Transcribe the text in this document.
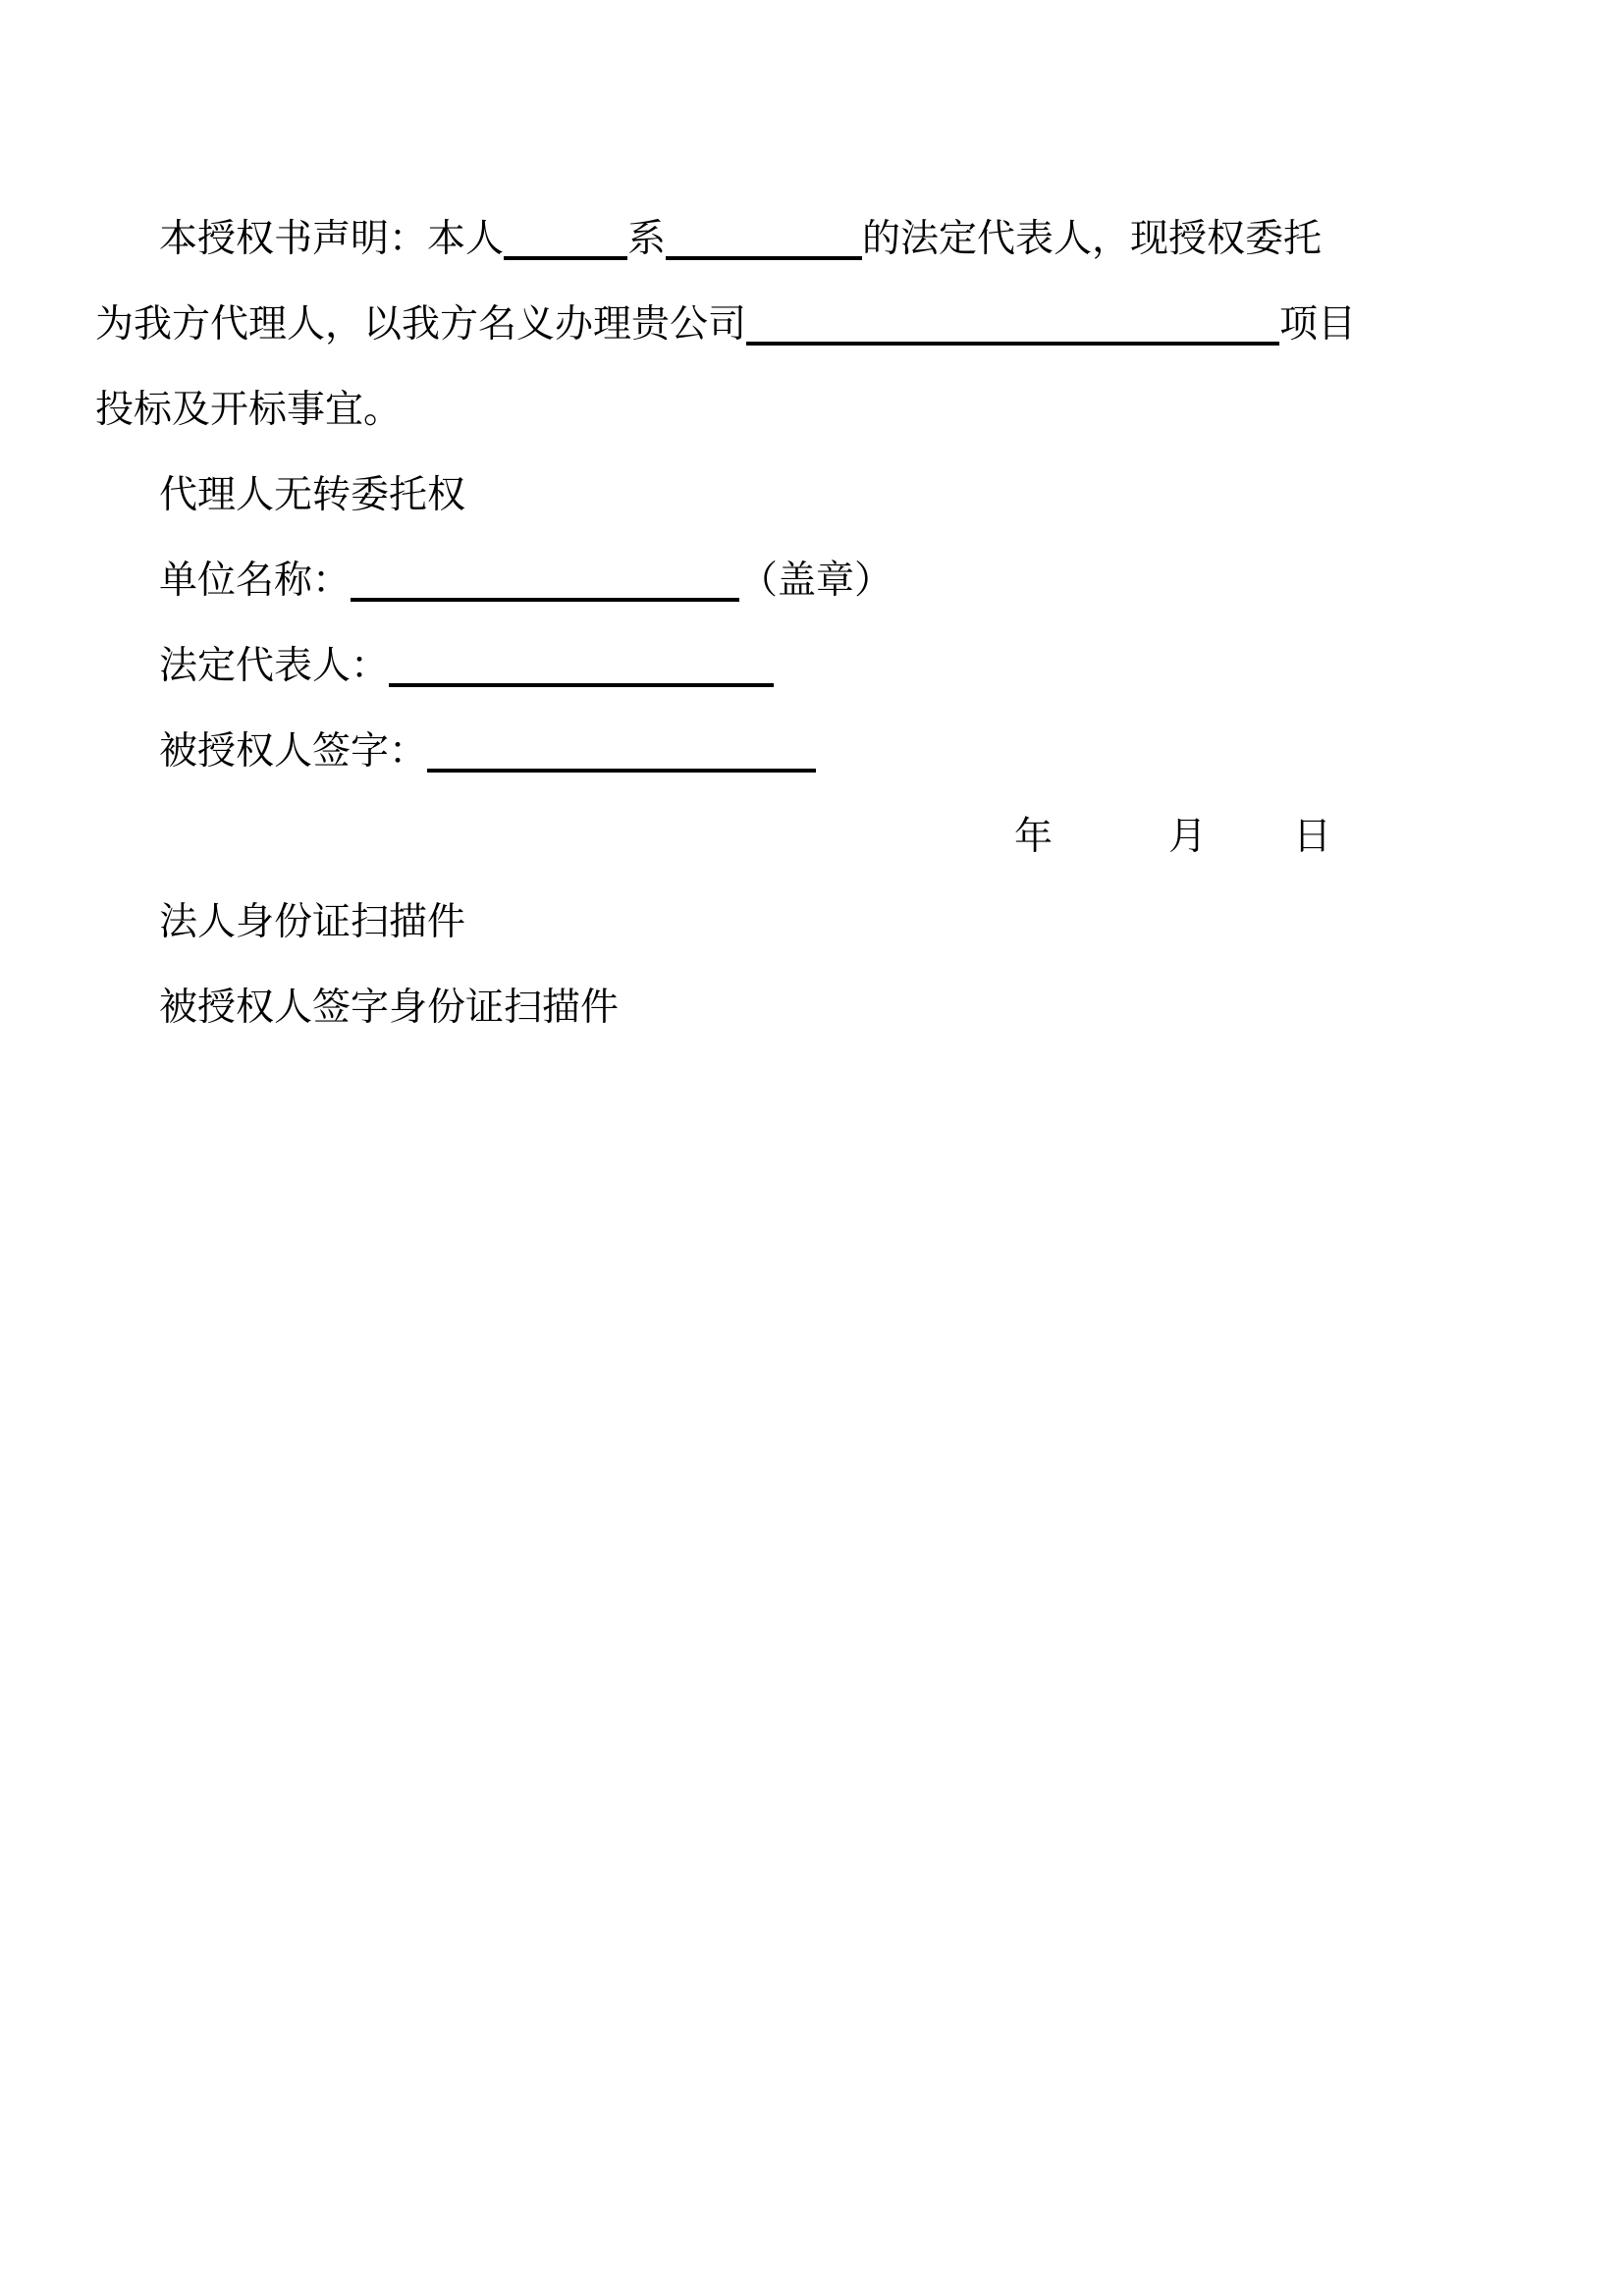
本授权书声明：本人	系	的法定代表人，现授权委托
为我方代理人，以我方名义办理贵公司	项目
投标及开标事宜。
代理人无转委托权
单位名称：	（盖章）
法定代表人：
被授权人签字：
年	月 日
法人身份证扫描件
被授权人签字身份证扫描件
